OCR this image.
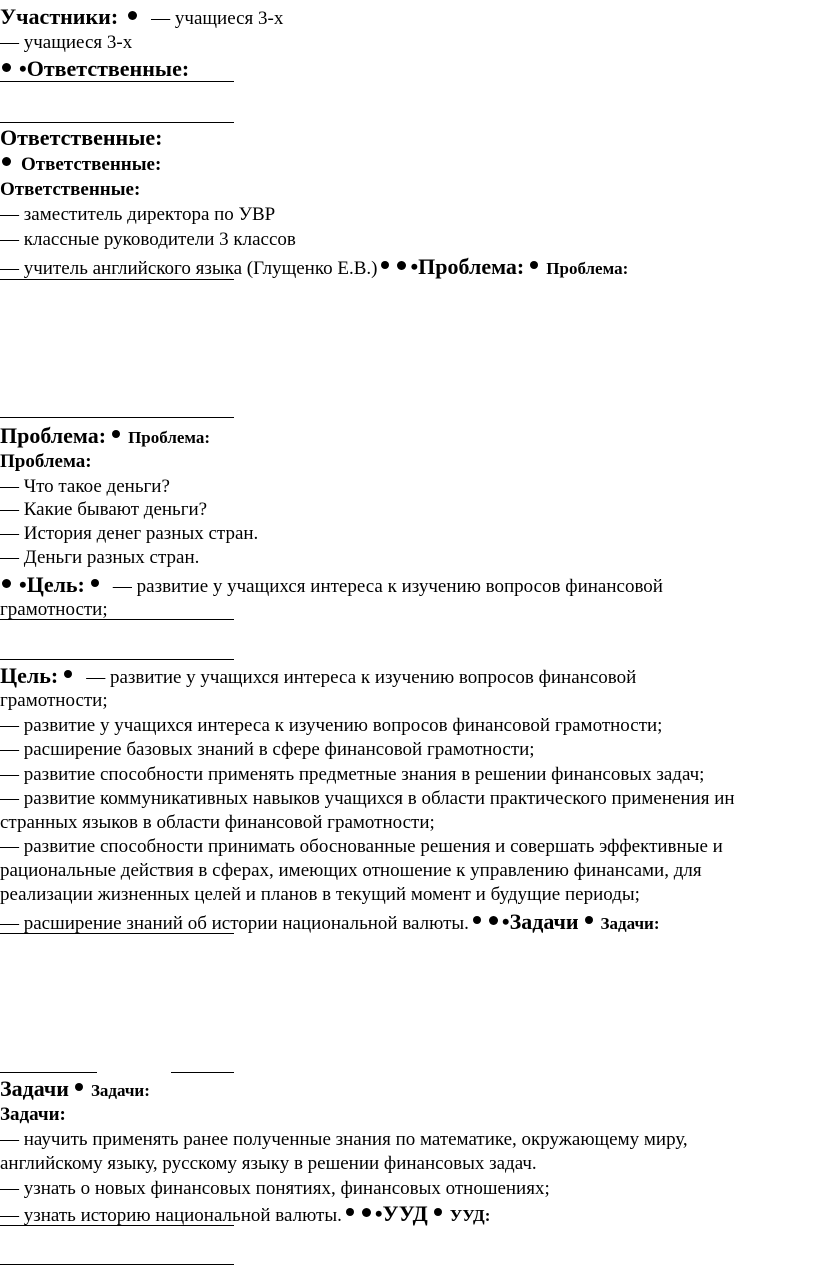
Участники: — учащиеся 3-х
— учащиеся 3-х
•Ответственные:
Ответственные:
Ответственные:
Ответственные:
— заместитель директора по УВР
— классные руководители 3 классов
— учитель английского языка (Глущенко Е.В.) •Проблема: Проблема:
Проблема: Проблема:
Проблема:
— Что такое деньги?
— Какие бывают деньги?
— История денег разных стран.
— Деньги разных стран.
•Цель: — развитие у учащихся интереса к изучению вопросов финансовой
грамотности;
Цель: — развитие у учащихся интереса к изучению вопросов финансовой
грамотности;
— развитие у учащихся интереса к изучению вопросов финансовой грамотности;
— расширение базовых знаний в сфере финансовой грамотности;
— развитие способности применять предметные знания в решении финансовых задач;
— развитие коммуникативных навыков учащихся в области практического применения ин
странных языков в области финансовой грамотности;
— развитие способности принимать обоснованные решения и совершать эффективные и
рациональные действия в сферах, имеющих отношение к управлению финансами, для
реализации жизненных целей и планов в текущий момент и будущие периоды;
— расширение знаний об истории национальной валюты. •Задачи Задачи:
Задачи Задачи:
Задачи:
— научить применять ранее полученные знания по математике, окружающему миру,
английскому языку, русскому языку в решении финансовых задач.
— узнать о новых финансовых понятиях, финансовых отношениях;
— узнать историю национальной валюты. •УУД УУД:
